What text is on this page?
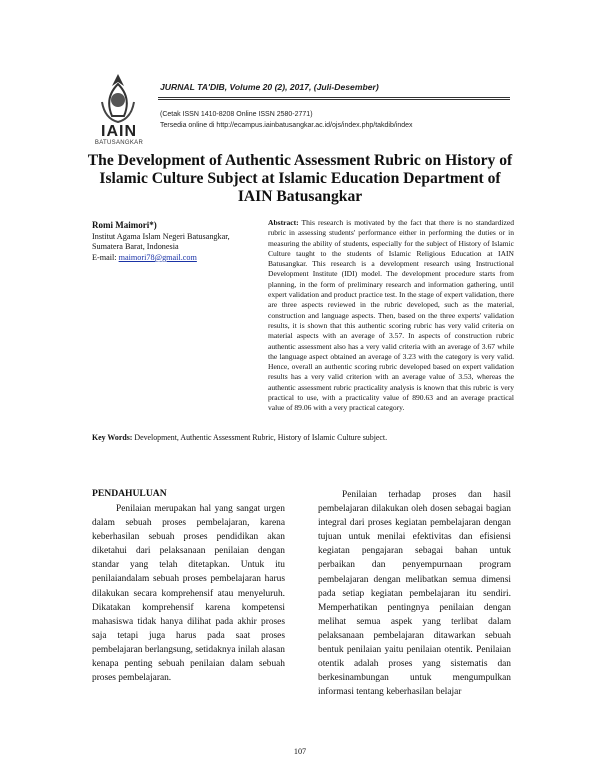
IAIN
BATUSANGKAR
JURNAL TA'DIB, Volume 20 (2), 2017, (Juli-Desember)
(Cetak ISSN 1410-8208 Online ISSN 2580-2771)
Tersedia online di http://ecampus.iainbatusangkar.ac.id/ojs/index.php/takdib/index
The Development of Authentic Assessment Rubric on History of
Islamic Culture Subject at Islamic Education Department of
IAIN Batusangkar
Romi Maimori*)
Institut Agama Islam Negeri Batusangkar,
Sumatera Barat, Indonesia
E-mail: maimori78@gmail.com
Abstract: This research is motivated by the fact that there is no standardized rubric in assessing students' performance either in performing the duties or in measuring the ability of students, especially for the subject of History of Islamic Culture taught to the students of Islamic Religious Education at IAIN Batusangkar. This research is a development research using Instructional Development Institute (IDI) model. The development procedure starts from planning, in the form of preliminary research and information gathering, until expert validation and product practice test. In the stage of expert validation, there are three aspects reviewed in the rubric developed, such as the material, construction and language aspects. Then, based on the three experts' validation results, it is shown that this authentic scoring rubric has very valid criteria on material aspects with an average of 3.57. In aspects of construction rubric authentic assessment also has a very valid criteria with an average of 3.67 while the language aspect obtained an average of 3.23 with the category is very valid. Hence, overall an authentic scoring rubric developed based on expert validation results has a very valid criterion with an average value of 3.53, whereas the authentic assessment rubric practicality analysis is known that this rubric is very practical to use, with a practicality value of 890.63 and an average practical value of 89.06 with a very practical category.
Key Words: Development, Authentic Assessment Rubric, History of Islamic Culture subject.
PENDAHULUAN
Penilaian merupakan hal yang sangat urgen dalam sebuah proses pembelajaran, karena keberhasilan sebuah proses pendidikan akan diketahui dari pelaksanaan penilaian dengan standar yang telah ditetapkan. Untuk itu penilaiandalam sebuah proses pembelajaran harus dilakukan secara komprehensif atau menyeluruh. Dikatakan komprehensif karena kompetensi mahasiswa tidak hanya dilihat pada akhir proses saja tetapi juga harus pada saat proses pembelajaran berlangsung, setidaknya inilah alasan kenapa penting sebuah penilaian dalam sebuah proses pembelajaran.
Penilaian terhadap proses dan hasil pembelajaran dilakukan oleh dosen sebagai bagian integral dari proses kegiatan pembelajaran dengan tujuan untuk menilai efektivitas dan efisiensi kegiatan pengajaran sebagai bahan untuk perbaikan dan penyempurnaan program pembelajaran dengan melibatkan semua dimensi pada setiap kegiatan pembelajaran itu sendiri. Memperhatikan pentingnya penilaian dengan melihat semua aspek yang terlibat dalam pelaksanaan pembelajaran ditawarkan sebuah bentuk penilaian yaitu penilaian otentik. Penilaian otentik adalah proses yang sistematis dan berkesinambungan untuk mengumpulkan informasi tentang keberhasilan belajar
107
